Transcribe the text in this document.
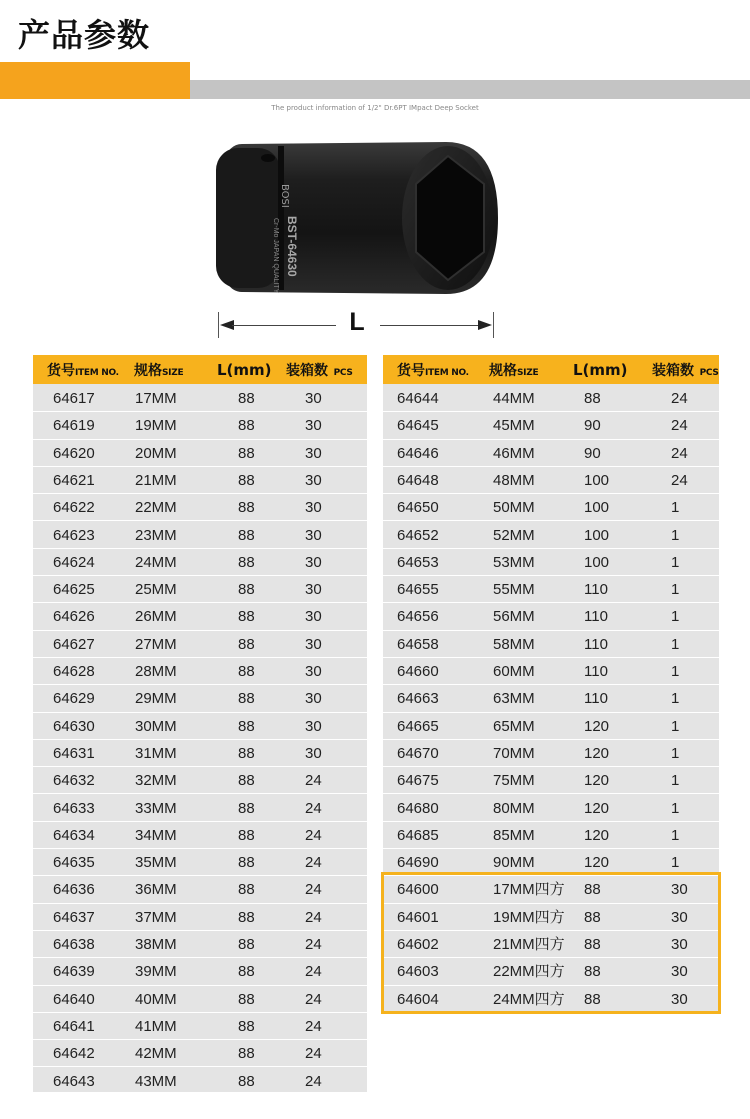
产品参数
The product information of 1/2" Dr.6PT IMpact Deep Socket
BOSI
BST-64630
Cr-Mo JAPAN QUALITY
L
货号ITEM NO. 规格SIZE L(mm) 装箱数 PCS
64617	17MM	88	30
64619	19MM	88	30
64620	20MM	88	30
64621	21MM	88	30
64622	22MM	88	30
64623	23MM	88	30
64624	24MM	88	30
64625	25MM	88	30
64626	26MM	88	30
64627	27MM	88	30
64628	28MM	88	30
64629	29MM	88	30
64630	30MM	88	30
64631	31MM	88	30
64632	32MM	88	24
64633	33MM	88	24
64634	34MM	88	24
64635	35MM	88	24
64636	36MM	88	24
64637	37MM	88	24
64638	38MM	88	24
64639	39MM	88	24
64640	40MM	88	24
64641	41MM	88	24
64642	42MM	88	24
64643	43MM	88	24
货号ITEM NO. 规格SIZE L(mm) 装箱数 PCS
64644	44MM	88	24
64645	45MM	90	24
64646	46MM	90	24
64648	48MM	100	24
64650	50MM	100	1
64652	52MM	100	1
64653	53MM	100	1
64655	55MM	110	1
64656	56MM	110	1
64658	58MM	110	1
64660	60MM	110	1
64663	63MM	110	1
64665	65MM	120	1
64670	70MM	120	1
64675	75MM	120	1
64680	80MM	120	1
64685	85MM	120	1
64690	90MM	120	1
64600	17MM四方 88	30
64601	19MM四方 88	30
64602	21MM四方 88	30
64603	22MM四方 88	30
64604	24MM四方 88	30
